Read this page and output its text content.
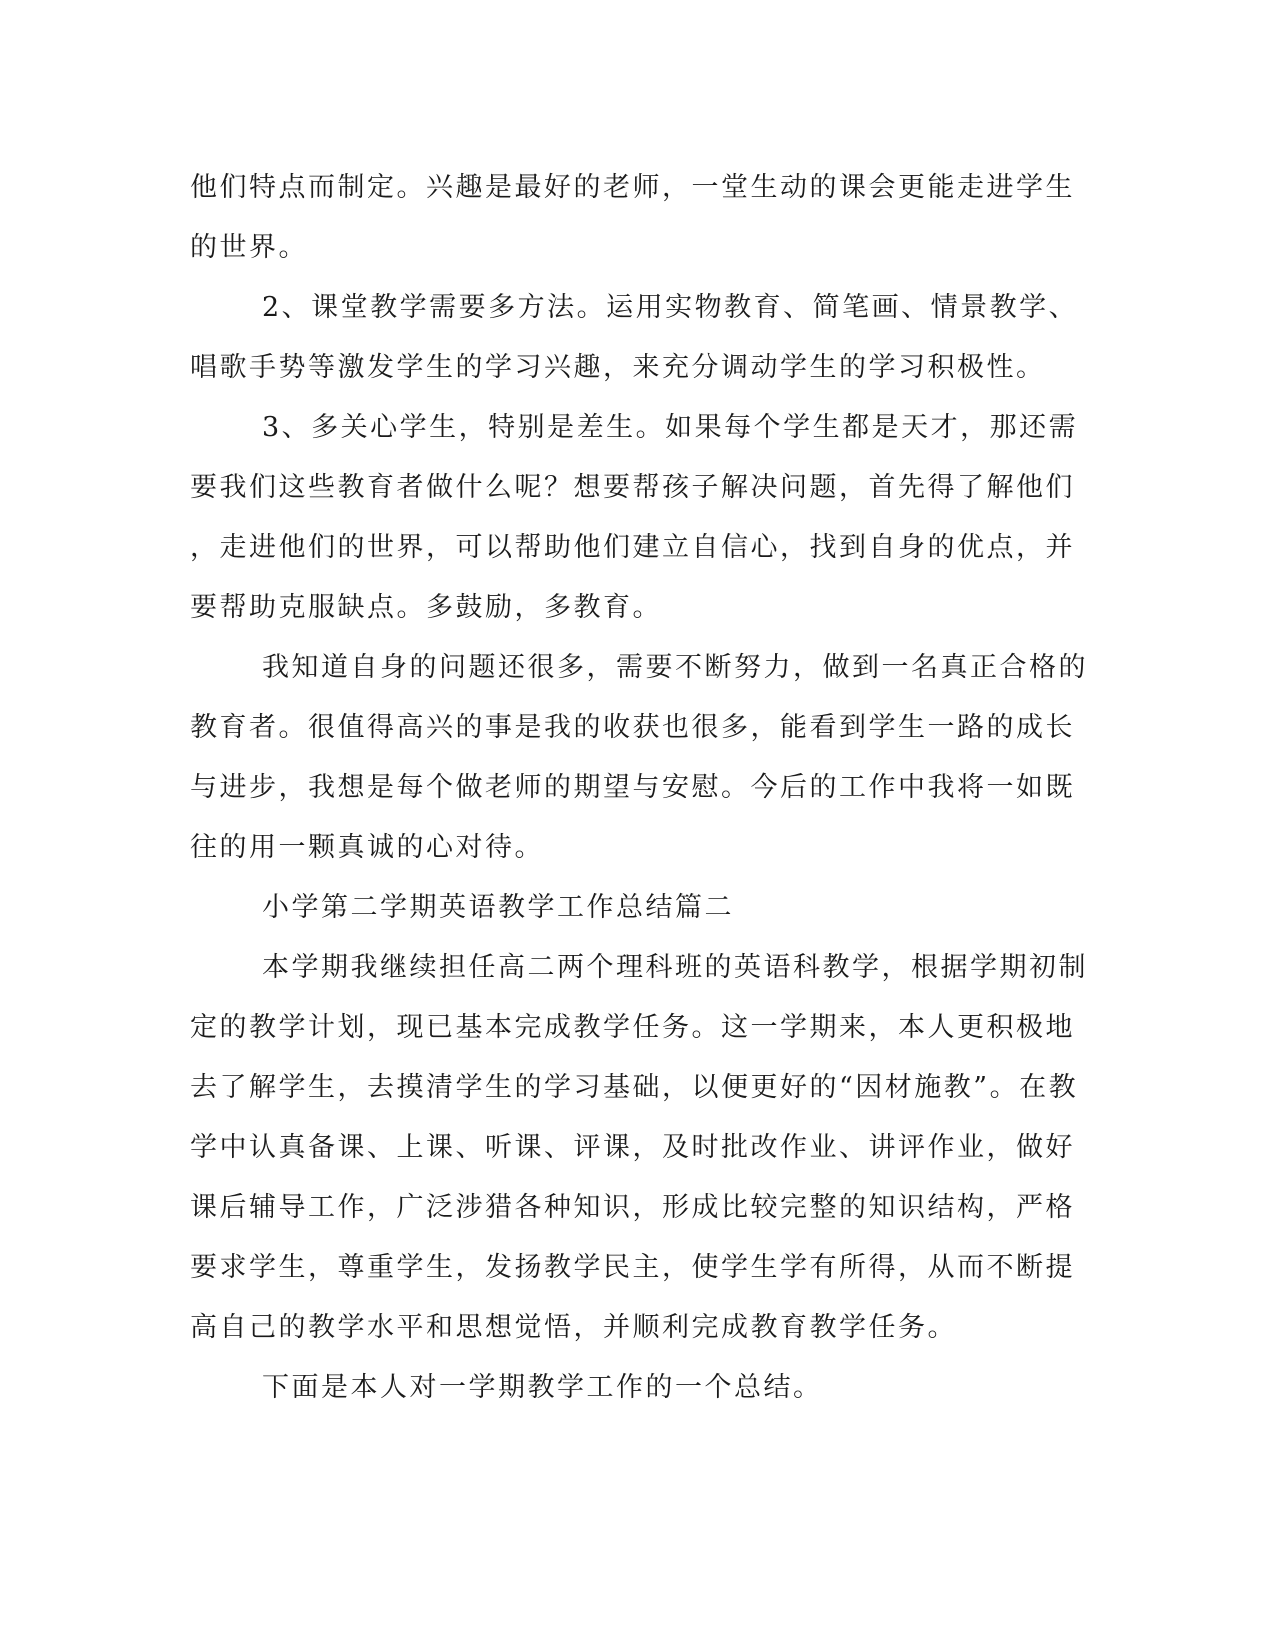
他们特点而制定。兴趣是最好的老师，一堂生动的课会更能走进学生

的世界。

2、课堂教学需要多方法。运用实物教育、简笔画、情景教学、

唱歌手势等激发学生的学习兴趣，来充分调动学生的学习积极性。

3、多关心学生，特别是差生。如果每个学生都是天才，那还需

要我们这些教育者做什么呢？想要帮孩子解决问题，首先得了解他们

，走进他们的世界，可以帮助他们建立自信心，找到自身的优点，并

要帮助克服缺点。多鼓励，多教育。

我知道自身的问题还很多，需要不断努力，做到一名真正合格的

教育者。很值得高兴的事是我的收获也很多，能看到学生一路的成长

与进步，我想是每个做老师的期望与安慰。今后的工作中我将一如既

往的用一颗真诚的心对待。

小学第二学期英语教学工作总结篇二

本学期我继续担任高二两个理科班的英语科教学，根据学期初制

定的教学计划，现已基本完成教学任务。这一学期来，本人更积极地

去了解学生，去摸清学生的学习基础，以便更好的“因材施教”。在教

学中认真备课、上课、听课、评课，及时批改作业、讲评作业，做好

课后辅导工作，广泛涉猎各种知识，形成比较完整的知识结构，严格

要求学生，尊重学生，发扬教学民主，使学生学有所得，从而不断提

高自己的教学水平和思想觉悟，并顺利完成教育教学任务。

下面是本人对一学期教学工作的一个总结。
